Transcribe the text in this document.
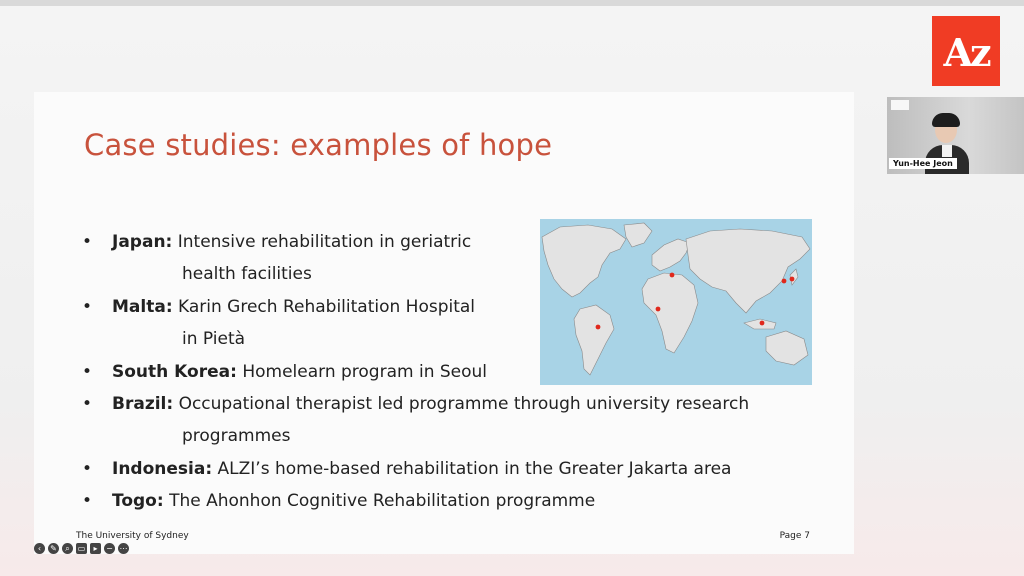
Case studies: examples of hope
•	Japan: Intensive rehabilitation in geriatric
health facilities
•	Malta: Karin Grech Rehabilitation Hospital
in Pietà
•	South Korea: Homelearn program in Seoul
•	Brazil: Occupational therapist led programme through university research
programmes
•	Indonesia: ALZI’s home-based rehabilitation in the Greater Jakarta area
•	Togo: The Ahonhon Cognitive Rehabilitation programme
The University of Sydney	Page 7
‹	✎	⌕ ▭	▸	− ⋯
Az
Yun-Hee Jeon
